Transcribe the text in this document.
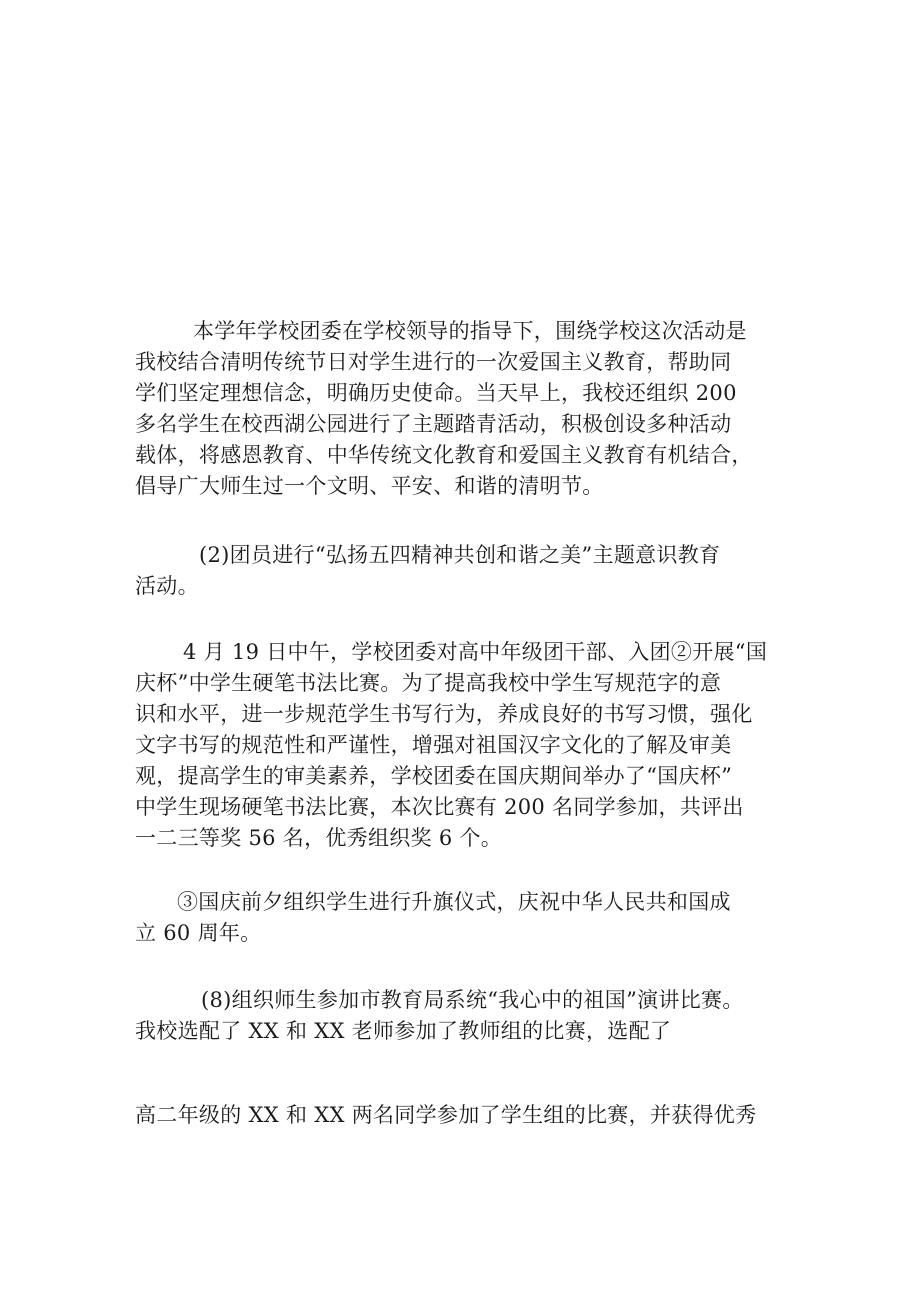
本学年学校团委在学校领导的指导下，围绕学校这次活动是
我校结合清明传统节日对学生进行的一次爱国主义教育，帮助同
学们坚定理想信念，明确历史使命。当天早上，我校还组织 200
多名学生在校西湖公园进行了主题踏青活动，积极创设多种活动
载体，将感恩教育、中华传统文化教育和爱国主义教育有机结合，
倡导广大师生过一个文明、平安、和谐的清明节。
(2)团员进行“弘扬五四精神共创和谐之美”主题意识教育
活动。
4 月 19 日中午，学校团委对高中年级团干部、入团②开展“国
庆杯”中学生硬笔书法比赛。为了提高我校中学生写规范字的意
识和水平，进一步规范学生书写行为，养成良好的书写习惯，强化
文字书写的规范性和严谨性，增强对祖国汉字文化的了解及审美
观，提高学生的审美素养，学校团委在国庆期间举办了“国庆杯”
中学生现场硬笔书法比赛，本次比赛有 200 名同学参加，共评出
一二三等奖 56 名，优秀组织奖 6 个。
③国庆前夕组织学生进行升旗仪式，庆祝中华人民共和国成
立 60 周年。
(8)组织师生参加市教育局系统“我心中的祖国”演讲比赛。
我校选配了 XX 和 XX 老师参加了教师组的比赛，选配了
高二年级的 XX 和 XX 两名同学参加了学生组的比赛，并获得优秀
